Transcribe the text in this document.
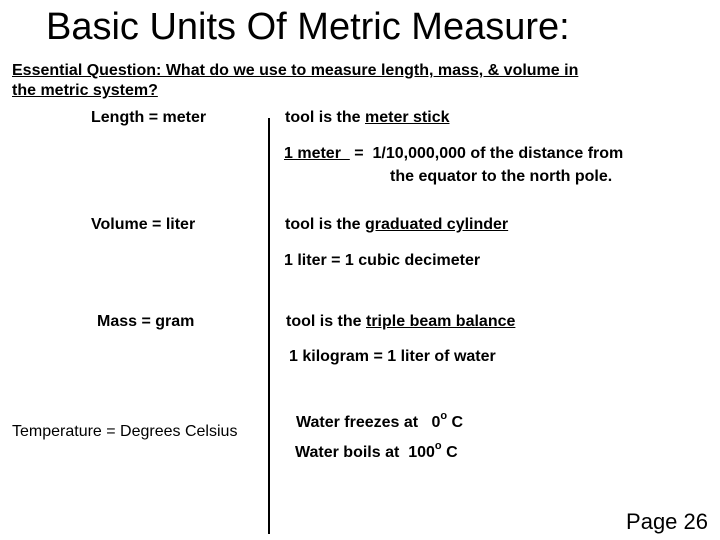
Basic Units Of Metric Measure:
Essential Question: What do we use to measure length, mass, & volume in
the metric system?
Length = meter	tool is the meter stick
1 meter   =  1/10,000,000 of the distance from
the equator to the north pole.
Volume = liter	tool is the graduated cylinder
1 liter = 1 cubic decimeter
Mass = gram	tool is the triple beam balance
1 kilogram = 1 liter of water
Temperature = Degrees Celsius
Water freezes at   0$^o$ C
Water boils at  100$^o$ C
Page 26
